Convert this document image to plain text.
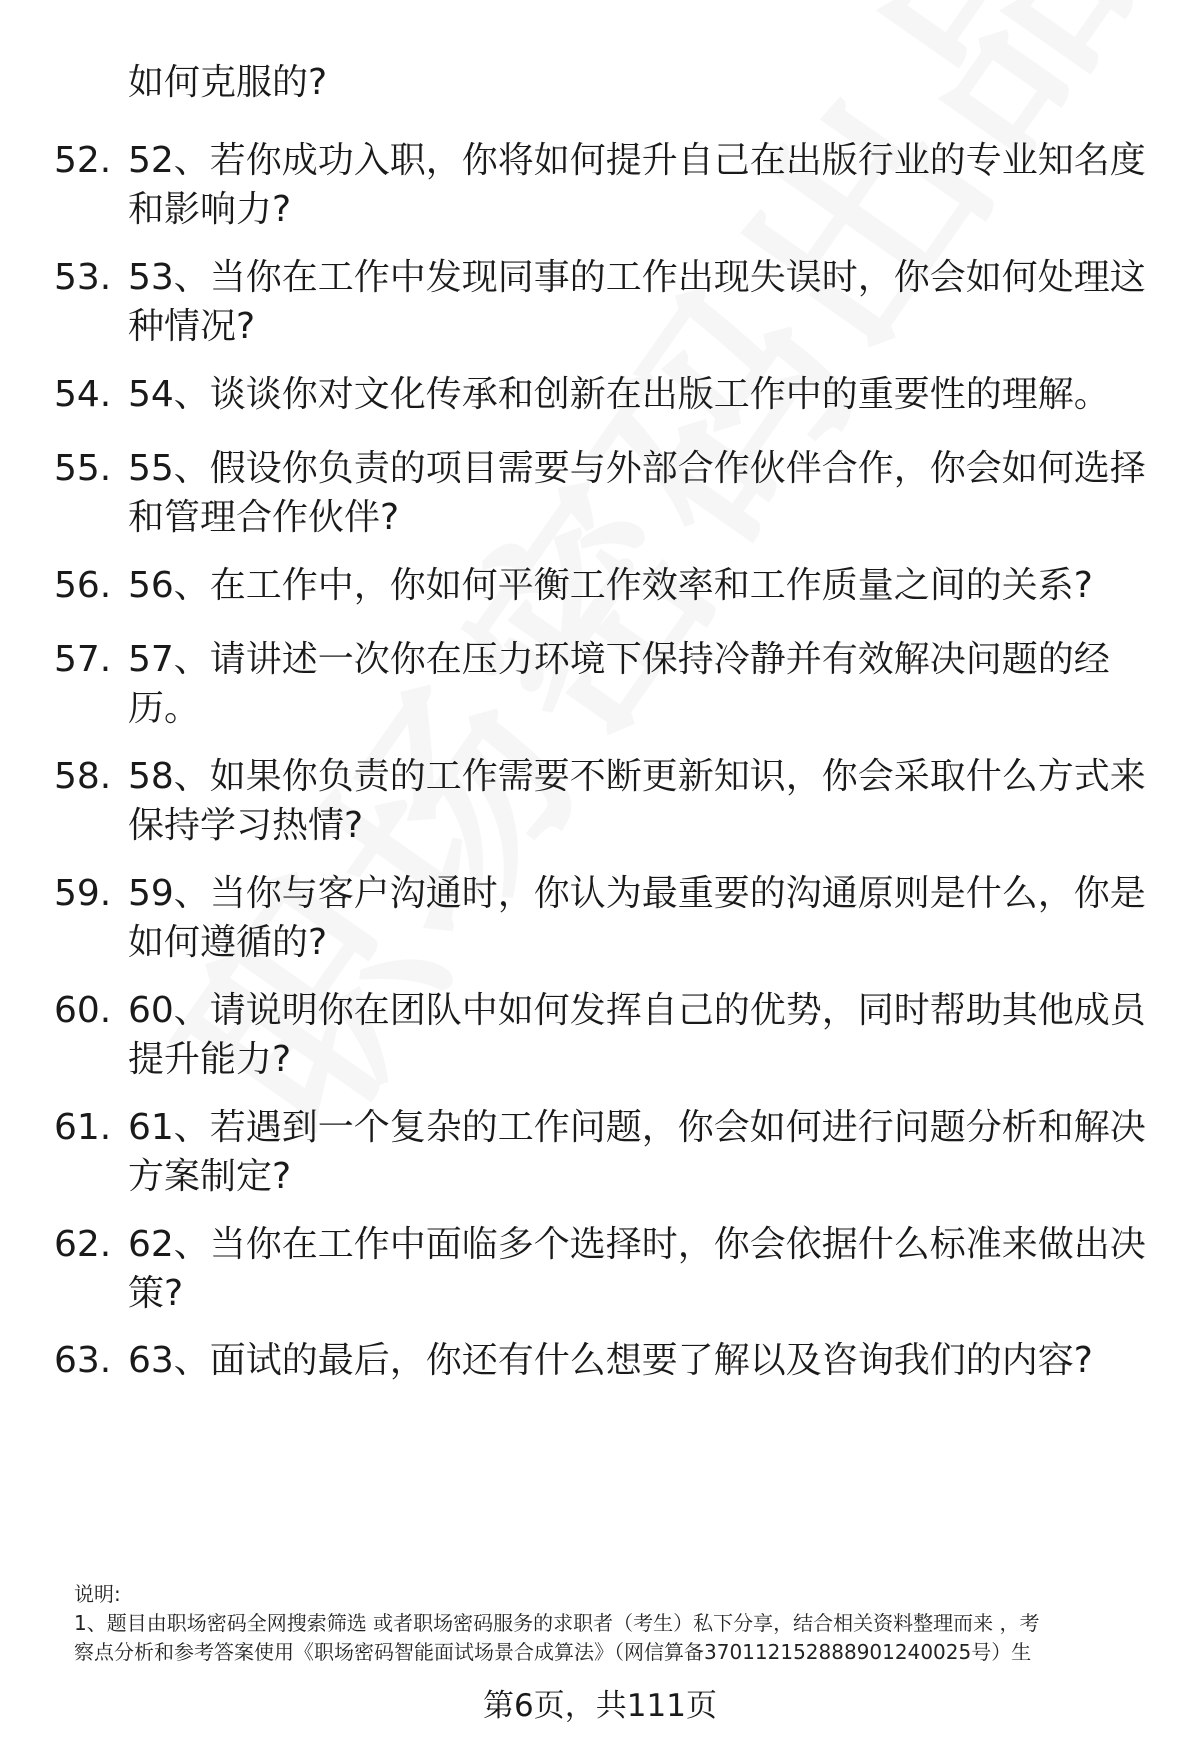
如何克服的?
52. 52、若你成功入职，你将如何提升自己在出版行业的专业知名度
和影响力?
53. 53、当你在工作中发现同事的工作出现失误时，你会如何处理这
种情况?
54. 54、谈谈你对文化传承和创新在出版工作中的重要性的理解。
55. 55、假设你负责的项目需要与外部合作伙伴合作，你会如何选择
和管理合作伙伴?
56. 56、在工作中，你如何平衡工作效率和工作质量之间的关系?
57. 57、请讲述一次你在压力环境下保持冷静并有效解决问题的经
历。
58. 58、如果你负责的工作需要不断更新知识，你会采取什么方式来
保持学习热情?
59. 59、当你与客户沟通时，你认为最重要的沟通原则是什么，你是
如何遵循的?
60. 60、请说明你在团队中如何发挥自己的优势，同时帮助其他成员
提升能力?
61. 61、若遇到一个复杂的工作问题，你会如何进行问题分析和解决
方案制定?
62. 62、当你在工作中面临多个选择时，你会依据什么标准来做出决
策?
63. 63、面试的最后，你还有什么想要了解以及咨询我们的内容?
说明:
1、题目由职场密码全网搜索筛选 或者职场密码服务的求职者（考生）私下分享，结合相关资料整理而来 ，考
察点分析和参考答案使用《职场密码智能面试场景合成算法》（网信算备370112152888901240025号）生
第6页，共111页
